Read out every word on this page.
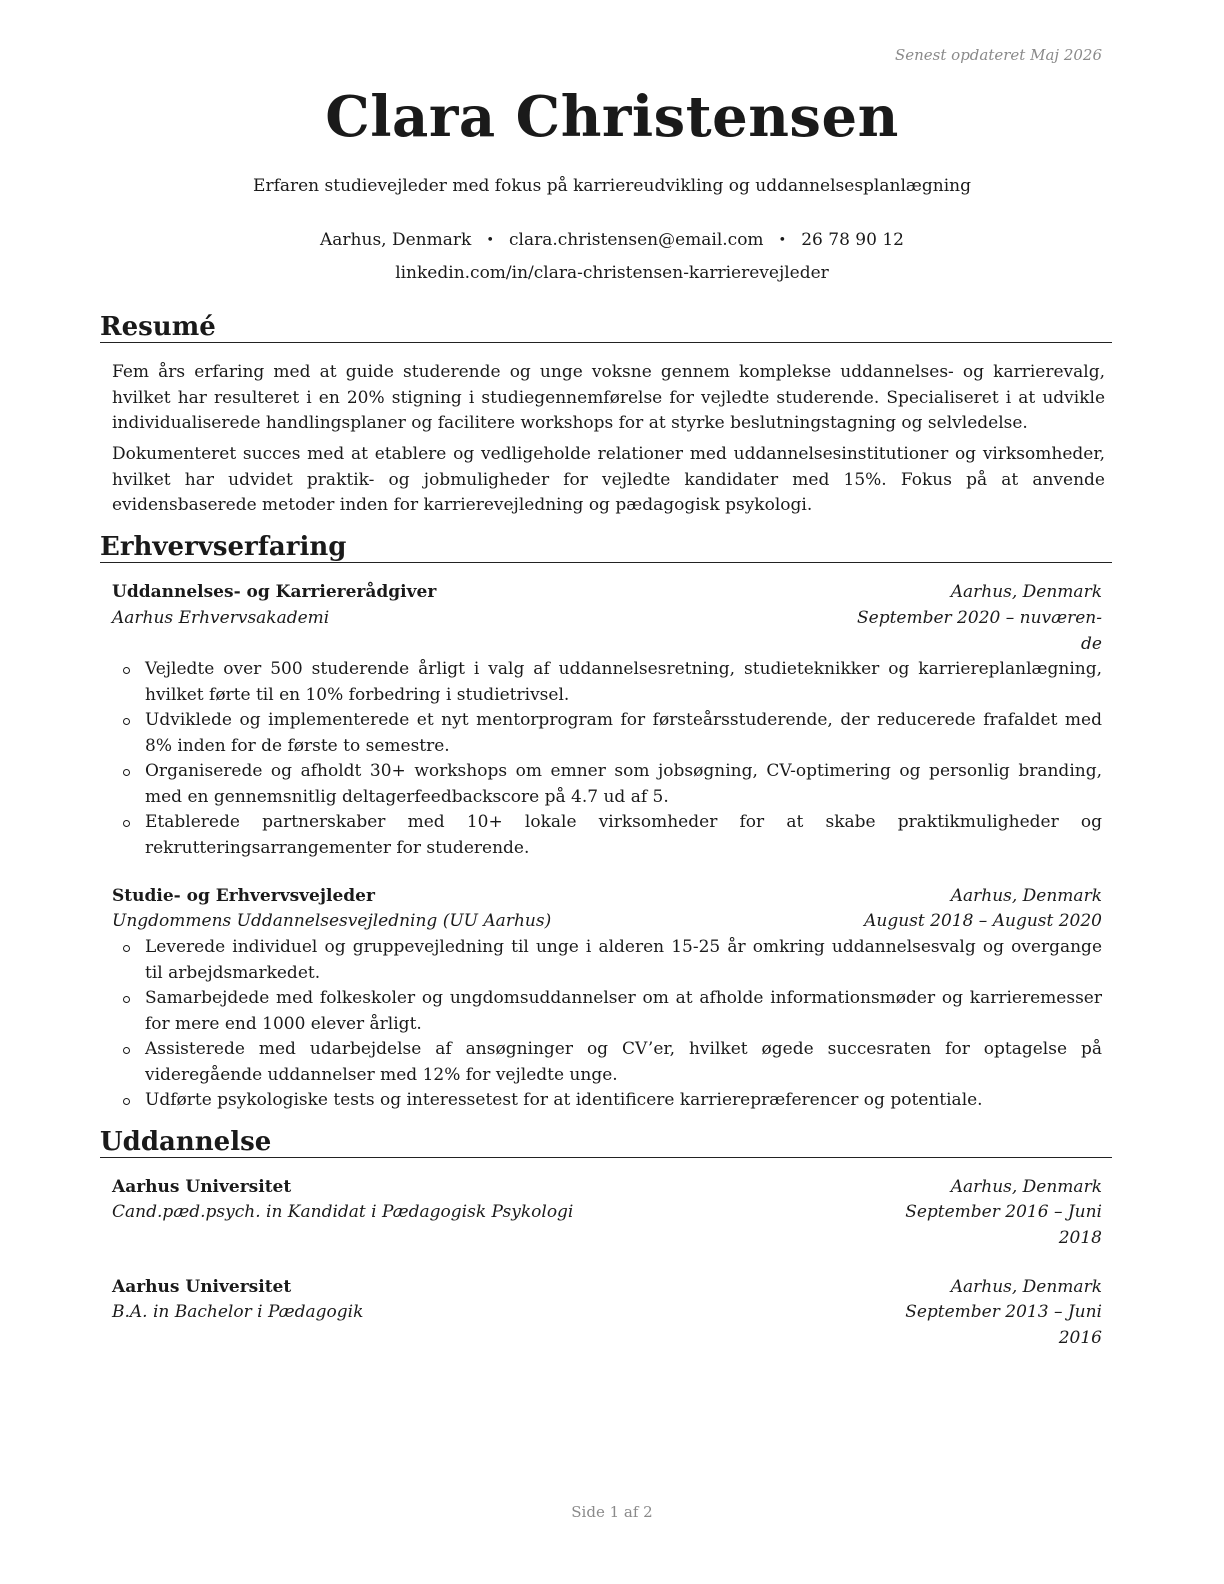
Senest opdateret Maj 2026
Clara Christensen
Erfaren studievejleder med fokus på karriereudvikling og uddannelsesplanlægning
Aarhus, Denmark • clara.christensen@email.com • 26 78 90 12
linkedin.com/in/clara-christensen-karrierevejleder
Resumé

Fem års erfaring med at guide studerende og unge voksne gennem komplekse uddannelses- og karrierevalg, hvilket har resulteret i en 20% stigning i studiegennemførelse for vejledte studerende. Specialiseret i at udvikle individualiserede handlingsplaner og facilitere workshops for at styrke beslutningstagning og selvledelse.

Dokumenteret succes med at etablere og vedligeholde relationer med uddannelsesinstitutioner og virksomheder, hvilket har udvidet praktik- og jobmuligheder for vejledte kandidater med 15%. Fokus på at anvende evidensbaserede metoder inden for karrierevejledning og pædagogisk psykologi.

Erhvervserfaring
Uddannelses- og Karriererådgiver	Aarhus, Denmark
Aarhus Erhvervsakademi	September 2020 – nuværen-
de
Vejledte over 500 studerende årligt i valg af uddannelsesretning, studieteknikker og karriereplanlægning, hvilket førte til en 10% forbedring i studietrivsel.
Udviklede og implementerede et nyt mentorprogram for førsteårsstuderende, der reducerede frafaldet med 8% inden for de første to semestre.
Organiserede og afholdt 30+ workshops om emner som jobsøgning, CV-optimering og personlig branding, med en gennemsnitlig deltagerfeedbackscore på 4.7 ud af 5.
Etablerede partnerskaber med 10+ lokale virksomheder for at skabe praktikmuligheder og rekrutteringsarrangementer for studerende.
Studie- og Erhvervsvejleder	Aarhus, Denmark
Ungdommens Uddannelsesvejledning (UU Aarhus)	August 2018 – August 2020
Leverede individuel og gruppevejledning til unge i alderen 15-25 år omkring uddannelsesvalg og overgange til arbejdsmarkedet.
Samarbejdede med folkeskoler og ungdomsuddannelser om at afholde informationsmøder og karrieremesser for mere end 1000 elever årligt.
Assisterede med udarbejdelse af ansøgninger og CV’er, hvilket øgede succesraten for optagelse på videregående uddannelser med 12% for vejledte unge.
Udførte psykologiske tests og interessetest for at identificere karrierepræferencer og potentiale.
Uddannelse
Aarhus Universitet	Aarhus, Denmark
Cand.pæd.psych. in Kandidat i Pædagogisk Psykologi	September 2016 – Juni
2018
Aarhus Universitet	Aarhus, Denmark
B.A. in Bachelor i Pædagogik	September 2013 – Juni
2016
Side 1 af 2
